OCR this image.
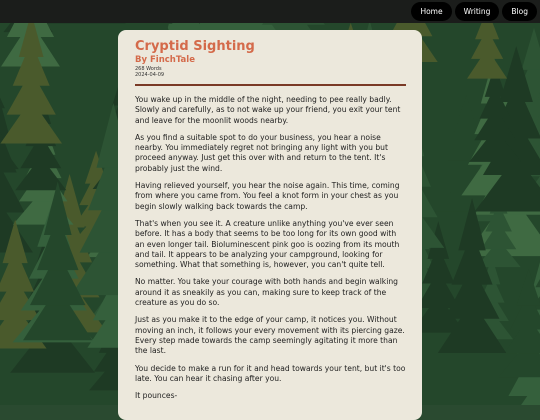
Home	Writing	Blog
Cryptid Sighting
By FinchTale
268 Words
2024-04-09

You wake up in the middle of the night, needing to pee really badly. Slowly and carefully, as to not wake up your friend, you exit your tent and leave for the moonlit woods nearby.

As you find a suitable spot to do your business, you hear a noise nearby. You immediately regret not bringing any light with you but proceed anyway. Just get this over with and return to the tent. It's probably just the wind.

Having relieved yourself, you hear the noise again. This time, coming from where you came from. You feel a knot form in your chest as you begin slowly walking back towards the camp.

That's when you see it. A creature unlike anything you've ever seen before. It has a body that seems to be too long for its own good with an even longer tail. Bioluminescent pink goo is oozing from its mouth and tail. It appears to be analyzing your campground, looking for something. What that something is, however, you can't quite tell.

No matter. You take your courage with both hands and begin walking around it as sneakily as you can, making sure to keep track of the creature as you do so.

Just as you make it to the edge of your camp, it notices you. Without moving an inch, it follows your every movement with its piercing gaze. Every step made towards the camp seemingly agitating it more than the last.

You decide to make a run for it and head towards your tent, but it's too late. You can hear it chasing after you.

It pounces-
